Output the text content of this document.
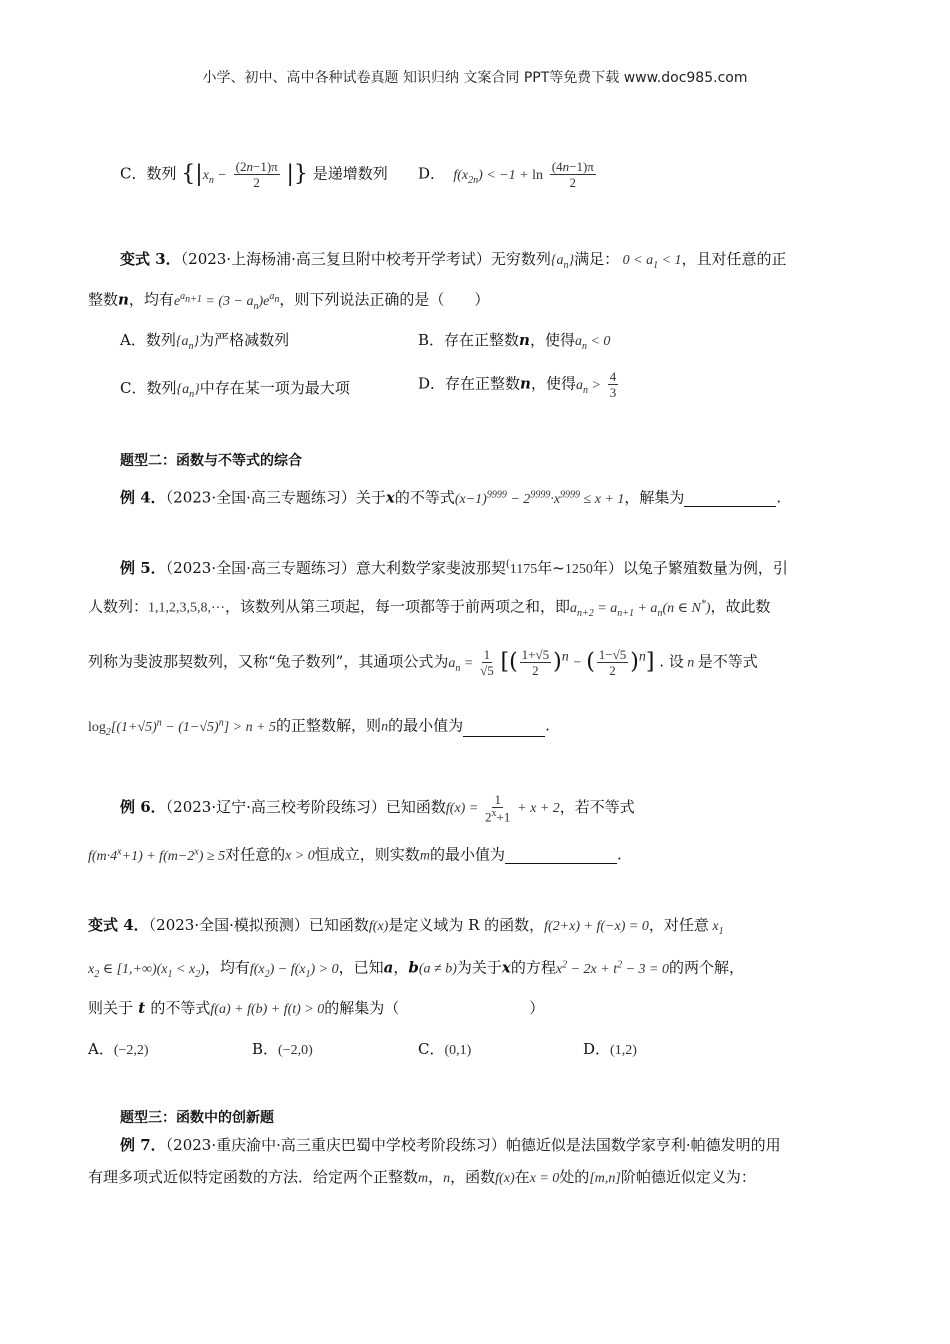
小学、初中、高中各种试卷真题 知识归纳 文案合同 PPT等免费下载 www.doc985.com
C．数列 {$|x_n - \frac{(2n-1)\pi}{2}$ |} 是递增数列 D．  $f(x_{2n}) < -1 + \ln \frac{(4n-1)\pi}{2}$
变式 3．（2023·上海杨浦·高三复旦附中校考开学考试）无穷数列$\{a_n\}$满足： $0 < a_1 < 1$，且对任意的正
整数n，均有$e^{a_{n+1}} = (3 - a_n)e^{a_n}$，则下列说法正确的是（　　）
A．数列$\{a_n\}$为严格减数列	B．存在正整数n，使得$a_n < 0$
C．数列$\{a_n\}$中存在某一项为最大项	D．存在正整数n，使得$a_n > \frac{4}{3}$
题型二：函数与不等式的综合
例 4．（2023·全国·高三专题练习）关于x的不等式$(x-1)^{9999} - 2^{9999}\cdot x^{9999} \le x + 1$，解集为	.
例 5．（2023·全国·高三专题练习）意大利数学家斐波那契(1175年~1250年）以兔子繁殖数量为例，引
人数列：1,1,2,3,5,8,⋯，该数列从第三项起，每一项都等于前两项之和，即$a_{n+2} = a_{n+1} + a_n(n$ ∈ N*)，故此数
列称为斐波那契数列，又称“兔子数列”，其通项公式为$a_n = \frac{1}{√5}$ [( $\frac{1+√5}{2} )^n$ − ( $\frac{1-√5}{2} )^n$] . 设 n 是不等式
$\log_2[(1+√5)^n - (1-√5)^n] > n + 5$的正整数解，则n的最小值为	.
例 6．（2023·辽宁·高三校考阶段练习）已知函数$f(x) = \frac{1}{2^x+1} + x + 2$，若不等式
$f(m\cdot 4^x+1) + f(m-2^x) \ge 5$对任意的x > 0恒成立，则实数m的最小值为	.
变式 4．（2023·全国·模拟预测）已知函数f(x)是定义域为 R 的函数，f(2+x) + f(−x) = 0，对任意 $x_1$
$x_2$ ∈ $[1,+\infty)(x_1 < x_2)$，均有$f(x_2) - f(x_1) > 0$，已知a，b(a ≠ b)为关于x的方程$x^2 - 2x + t^2 - 3 = 0$的两个解，
则关于 t 的不等式f(a) + f(b) + f(t) > 0的解集为（	）
A．(−2,2)	B．(−2,0)	C．(0,1)	D．(1,2)
题型三：函数中的创新题
例 7．（2023·重庆渝中·高三重庆巴蜀中学校考阶段练习）帕德近似是法国数学家亨利·帕德发明的用
有理多项式近似特定函数的方法．给定两个正整数m，n，函数f(x)在x = 0处的[m,n]阶帕德近似定义为：
